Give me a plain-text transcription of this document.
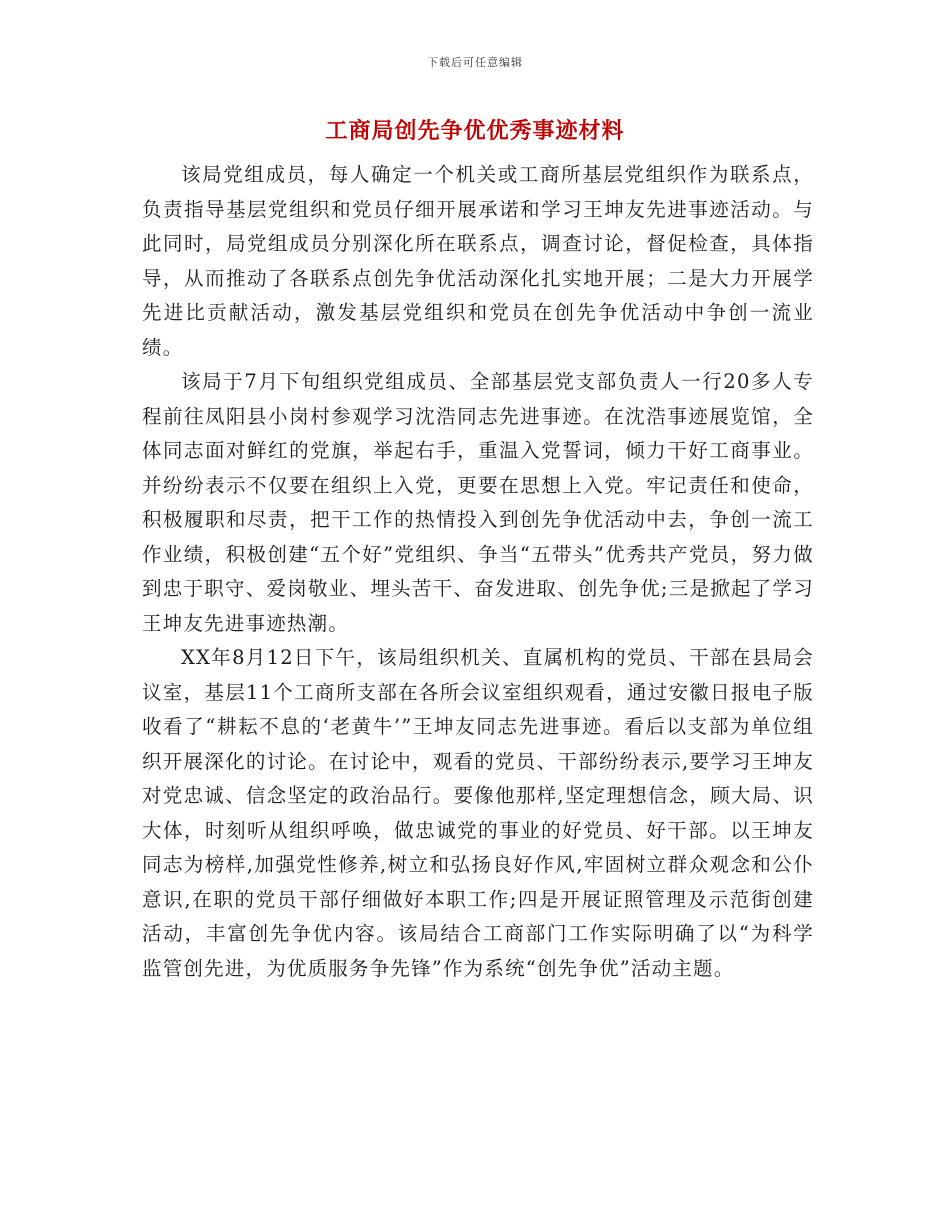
下载后可任意编辑
工商局创先争优优秀事迹材料

该局党组成员，每人确定一个机关或工商所基层党组织作为联系点，负责指导基层党组织和党员仔细开展承诺和学习王坤友先进事迹活动。与此同时，局党组成员分别深化所在联系点，调查讨论，督促检查，具体指导，从而推动了各联系点创先争优活动深化扎实地开展；二是大力开展学先进比贡献活动，激发基层党组织和党员在创先争优活动中争创一流业绩。

该局于7月下旬组织党组成员、全部基层党支部负责人一行20多人专程前往凤阳县小岗村参观学习沈浩同志先进事迹。在沈浩事迹展览馆，全体同志面对鲜红的党旗，举起右手，重温入党誓词，倾力干好工商事业。并纷纷表示不仅要在组织上入党，更要在思想上入党。牢记责任和使命，积极履职和尽责，把干工作的热情投入到创先争优活动中去，争创一流工作业绩，积极创建“五个好”党组织、争当“五带头”优秀共产党员，努力做到忠于职守、爱岗敬业、埋头苦干、奋发进取、创先争优;三是掀起了学习王坤友先进事迹热潮。

XX年8月12日下午，该局组织机关、直属机构的党员、干部在县局会议室，基层11个工商所支部在各所会议室组织观看，通过安徽日报电子版收看了“耕耘不息的‘老黄牛’”王坤友同志先进事迹。看后以支部为单位组织开展深化的讨论。在讨论中，观看的党员、干部纷纷表示,要学习王坤友对党忠诚、信念坚定的政治品行。要像他那样,坚定理想信念，顾大局、识大体，时刻听从组织呼唤，做忠诚党的事业的好党员、好干部。以王坤友同志为榜样,加强党性修养,树立和弘扬良好作风,牢固树立群众观念和公仆意识,在职的党员干部仔细做好本职工作;四是开展证照管理及示范街创建活动，丰富创先争优内容。该局结合工商部门工作实际明确了以“为科学监管创先进，为优质服务争先锋”作为系统“创先争优”活动主题。
